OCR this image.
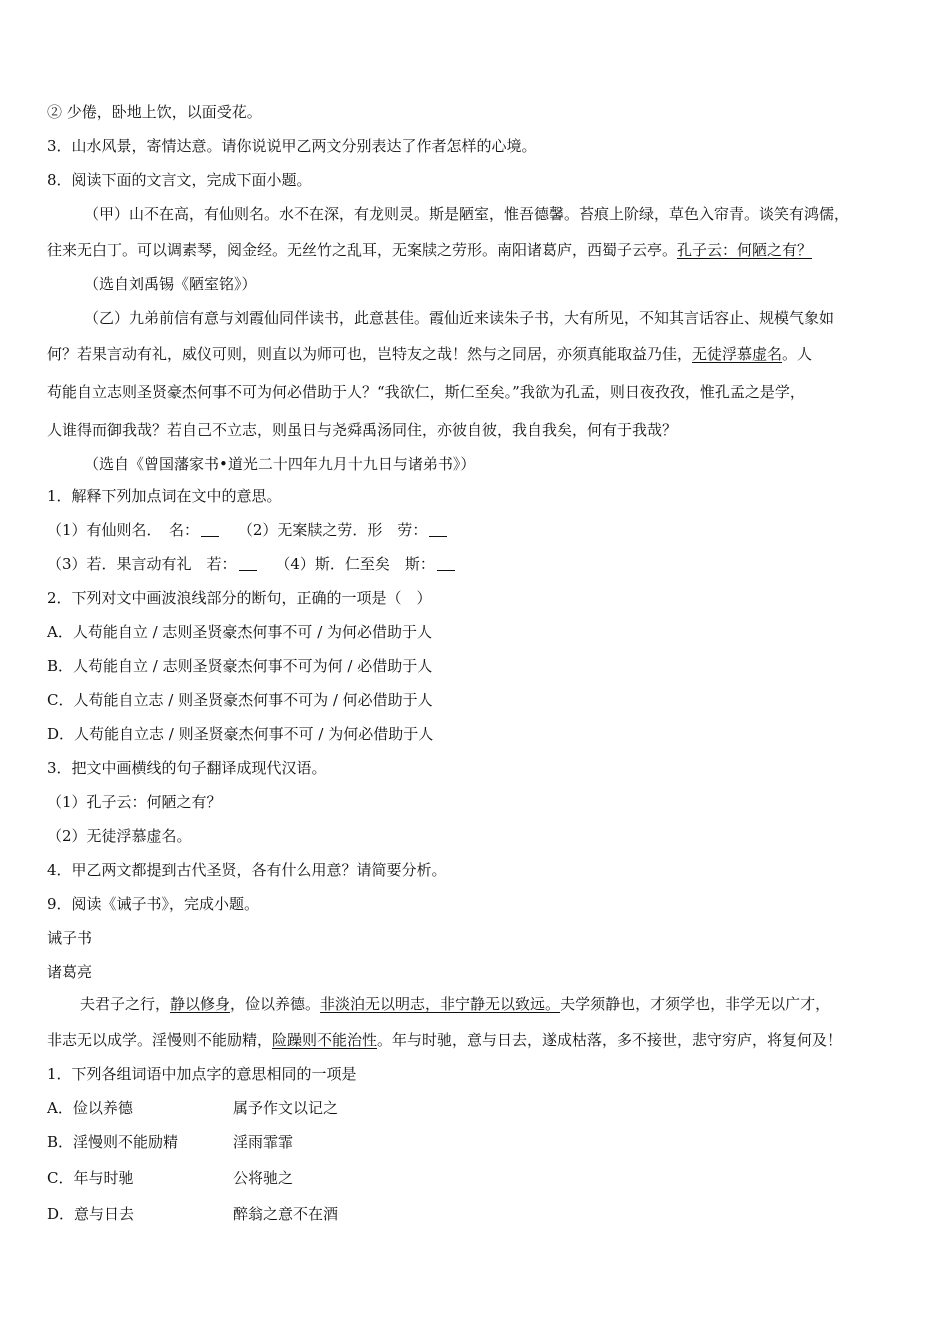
② 少倦，卧地上饮，以面受花。
3．山水风景，寄情达意。请你说说甲乙两文分别表达了作者怎样的心境。
8．阅读下面的文言文，完成下面小题。
（甲）山不在高，有仙则名。水不在深，有龙则灵。斯是陋室，惟吾德馨。苔痕上阶绿，草色入帘青。谈笑有鸿儒，
往来无白丁。可以调素琴，阅金经。无丝竹之乱耳，无案牍之劳形。南阳诸葛庐，西蜀子云亭。孔子云：何陋之有？
（选自刘禹锡《陋室铭》）
（乙）九弟前信有意与刘霞仙同伴读书，此意甚佳。霞仙近来读朱子书，大有所见，不知其言话容止、规模气象如
何？若果言动有礼，威仪可则，则直以为师可也，岂特友之哉！然与之同居，亦须真能取益乃佳，无徒浮慕虚名。人
苟能自立志则圣贤豪杰何事不可为何必借助于人？“我欲仁，斯仁至矣。”我欲为孔孟，则日夜孜孜，惟孔孟之是学，
人谁得而御我哉？若自己不立志，则虽日与尧舜禹汤同住，亦彼自彼，我自我矣，何有于我哉？
（选自《曾国藩家书•道光二十四年九月十九日与诸弟书》）
1．解释下列加点词在文中的意思。
（1）有仙则名．　名：	（2）无案牍之劳．形　劳：
（3）若．果言动有礼　若：	（4）斯．仁至矣　斯：
2．下列对文中画波浪线部分的断句，正确的一项是（　）
A．人苟能自立 / 志则圣贤豪杰何事不可 / 为何必借助于人
B．人苟能自立 / 志则圣贤豪杰何事不可为何 / 必借助于人
C．人苟能自立志 / 则圣贤豪杰何事不可为 / 何必借助于人
D．人苟能自立志 / 则圣贤豪杰何事不可 / 为何必借助于人
3．把文中画横线的句子翻译成现代汉语。
（1）孔子云：何陋之有？
（2）无徒浮慕虚名。
4．甲乙两文都提到古代圣贤，各有什么用意？请简要分析。
9．阅读《诫子书》，完成小题。
诫子书
诸葛亮
夫君子之行，静以修身，俭以养德。非淡泊无以明志，非宁静无以致远。夫学须静也，才须学也，非学无以广才，
非志无以成学。淫慢则不能励精，险躁则不能治性。年与时驰，意与日去，遂成枯落，多不接世，悲守穷庐，将复何及！
1．下列各组词语中加点字的意思相同的一项是
A．俭以养德	属予作文以记之
B．淫慢则不能励精	淫雨霏霏
C．年与时驰	公将驰之
D．意与日去	醉翁之意不在酒
